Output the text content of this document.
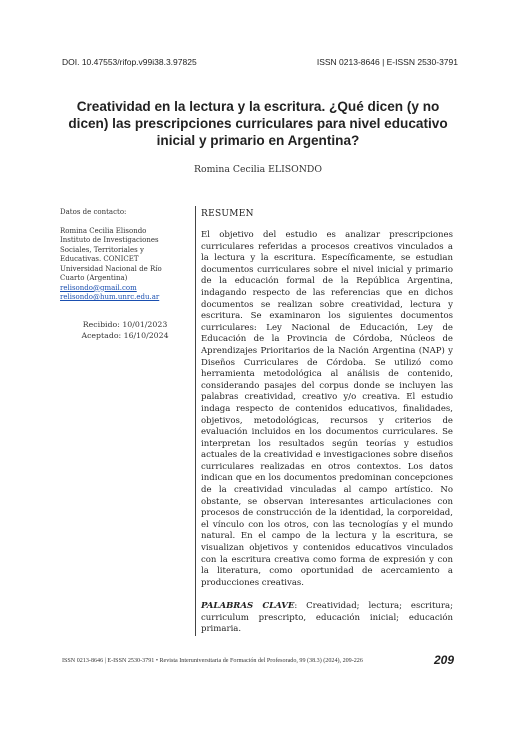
DOI. 10.47553/rifop.v99i38.3.97825	ISSN 0213-8646 | E-ISSN 2530-3791
Creatividad en la lectura y la escritura. ¿Qué dicen (y no dicen) las prescripciones curriculares para nivel educativo inicial y primario en Argentina?
Romina Cecilia ELISONDO
Datos de contacto:
Romina Cecilia Elisondo
Instituto de Investigaciones
Sociales, Territoriales y
Educativas. CONICET
Universidad Nacional de Río
Cuarto (Argentina)
relisondo@gmail.com
relisondo@hum.unrc.edu.ar
Recibido: 10/01/2023
Aceptado: 16/10/2024
RESUMEN
El objetivo del estudio es analizar prescripciones curriculares referidas a procesos creativos vinculados a la lectura y la escritura. Específicamente, se estudian documentos curriculares sobre el nivel inicial y primario de la educación formal de la República Argentina, indagando respecto de las referencias que en dichos documentos se realizan sobre creatividad, lectura y escritura. Se examinaron los siguientes documentos curriculares: Ley Nacional de Educación, Ley de Educación de la Provincia de Córdoba, Núcleos de Aprendizajes Prioritarios de la Nación Argentina (NAP) y Diseños Curriculares de Córdoba. Se utilizó como herramienta metodológica al análisis de contenido, considerando pasajes del corpus donde se incluyen las palabras creatividad, creativo y/o creativa. El estudio indaga respecto de contenidos educativos, finalidades, objetivos, metodológicas, recursos y criterios de evaluación incluidos en los documentos curriculares. Se interpretan los resultados según teorías y estudios actuales de la creatividad e investigaciones sobre diseños curriculares realizadas en otros contextos. Los datos indican que en los documentos predominan concepciones de la creatividad vinculadas al campo artístico. No obstante, se observan interesantes articulaciones con procesos de construcción de la identidad, la corporeidad, el vínculo con los otros, con las tecnologías y el mundo natural. En el campo de la lectura y la escritura, se visualizan objetivos y contenidos educativos vinculados con la escritura creativa como forma de expresión y con la literatura, como oportunidad de acercamiento a producciones creativas.
PALABRAS CLAVE: Creatividad; lectura; escritura; curriculum prescripto, educación inicial; educación primaria.
ISSN 0213-8646 | E-ISSN 2530-3791 • Revista Interuniversitaria de Formación del Profesorado, 99 (38.3) (2024), 209-226	209
